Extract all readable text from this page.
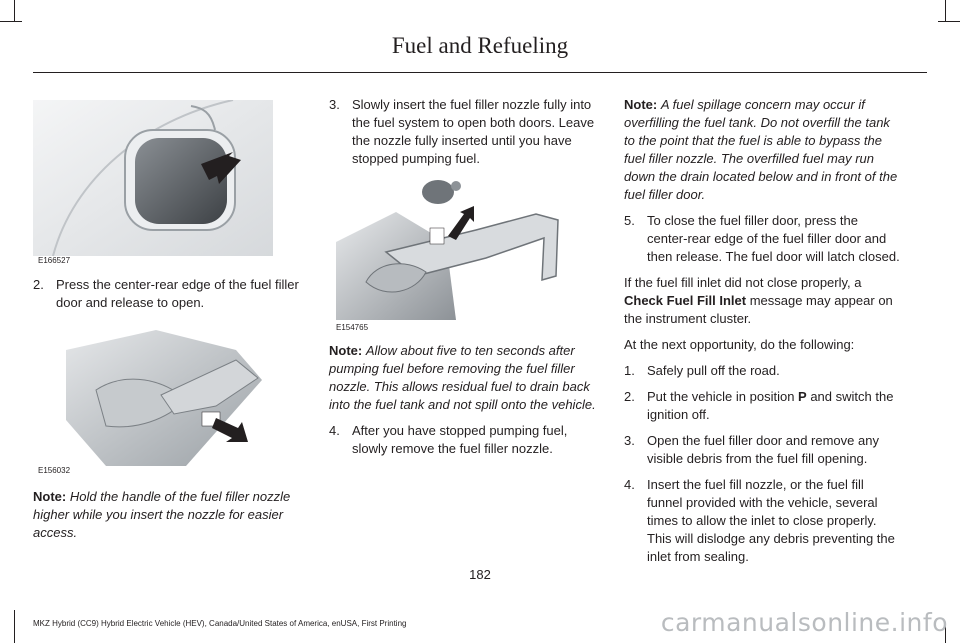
Fuel and Refueling
E166527
E156032
E154765
2. Press the center-rear edge of the fuel filler door and release to open.

Note: Hold the handle of the fuel filler nozzle higher while you insert the nozzle for easier access.

3. Slowly insert the fuel filler nozzle fully into the fuel system to open both doors. Leave the nozzle fully inserted until you have stopped pumping fuel.

Note: Allow about five to ten seconds after pumping fuel before removing the fuel filler nozzle. This allows residual fuel to drain back into the fuel tank and not spill onto the vehicle.

4. After you have stopped pumping fuel, slowly remove the fuel filler nozzle.

Note: A fuel spillage concern may occur if overfilling the fuel tank. Do not overfill the tank to the point that the fuel is able to bypass the fuel filler nozzle. The overfilled fuel may run down the drain located below and in front of the fuel filler door.

5. To close the fuel filler door, press the center-rear edge of the fuel filler door and then release. The fuel door will latch closed.

If the fuel fill inlet did not close properly, a Check Fuel Fill Inlet message may appear on the instrument cluster.

At the next opportunity, do the following:

1. Safely pull off the road.
2. Put the vehicle in position P and switch the ignition off.
3. Open the fuel filler door and remove any visible debris from the fuel fill opening.
4. Insert the fuel fill nozzle, or the fuel fill funnel provided with the vehicle, several times to allow the inlet to close properly. This will dislodge any debris preventing the inlet from sealing.
182
MKZ Hybrid (CC9) Hybrid Electric Vehicle (HEV), Canada/United States of America, enUSA, First Printing	carmanualsonline.info
